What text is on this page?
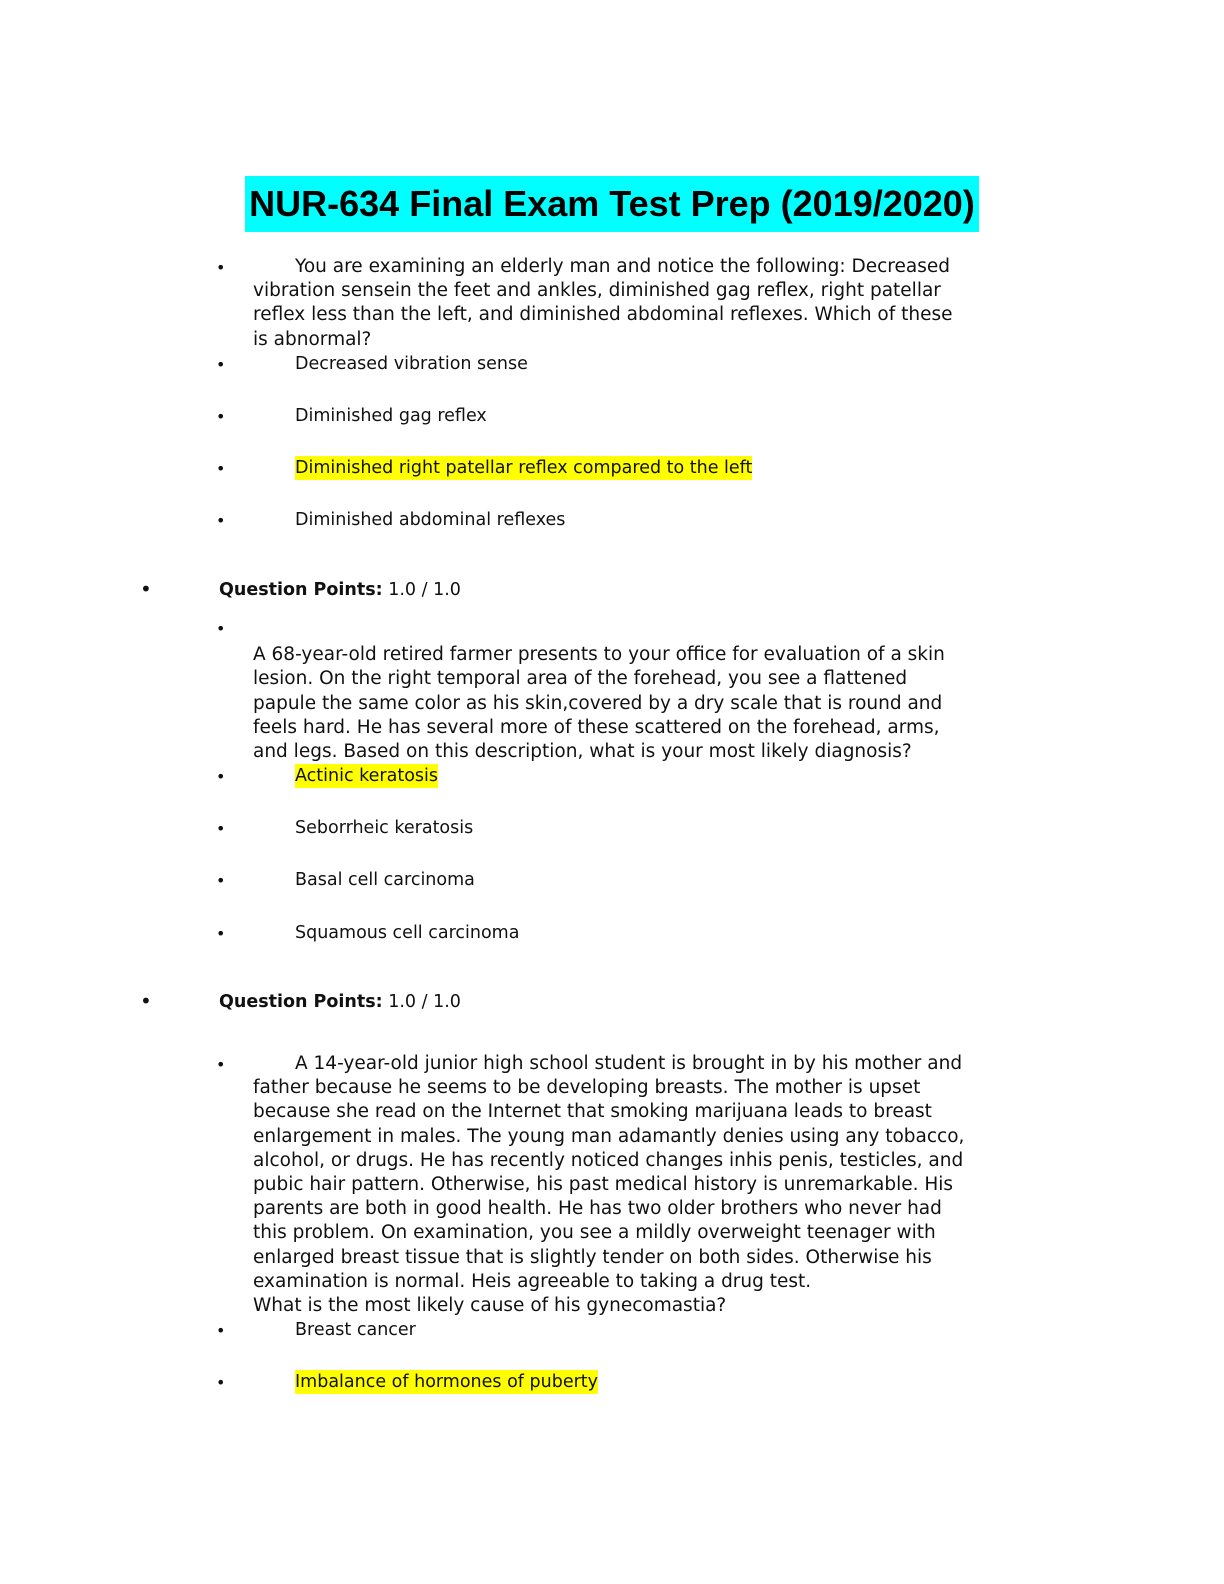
NUR-634 Final Exam Test Prep (2019/2020)
•	You are examining an elderly man and notice the following: Decreased
vibration sensein the feet and ankles, diminished gag reflex, right patellar
reflex less than the left, and diminished abdominal reflexes. Which of these
is abnormal?
•	Decreased vibration sense
•	Diminished gag reflex
•	Diminished right patellar reflex compared to the left
•	Diminished abdominal reflexes
•	Question Points: 1.0 / 1.0
•
A 68-year-old retired farmer presents to your office for evaluation of a skin
lesion. On the right temporal area of the forehead, you see a flattened
papule the same color as his skin,covered by a dry scale that is round and
feels hard. He has several more of these scattered on the forehead, arms,
and legs. Based on this description, what is your most likely diagnosis?
•	Actinic keratosis
•	Seborrheic keratosis
•	Basal cell carcinoma
•	Squamous cell carcinoma
•	Question Points: 1.0 / 1.0
•	A 14-year-old junior high school student is brought in by his mother and
father because he seems to be developing breasts. The mother is upset
because she read on the Internet that smoking marijuana leads to breast
enlargement in males. The young man adamantly denies using any tobacco,
alcohol, or drugs. He has recently noticed changes inhis penis, testicles, and
pubic hair pattern. Otherwise, his past medical history is unremarkable. His
parents are both in good health. He has two older brothers who never had
this problem. On examination, you see a mildly overweight teenager with
enlarged breast tissue that is slightly tender on both sides. Otherwise his
examination is normal. Heis agreeable to taking a drug test.
What is the most likely cause of his gynecomastia?
•	Breast cancer
•	Imbalance of hormones of puberty
